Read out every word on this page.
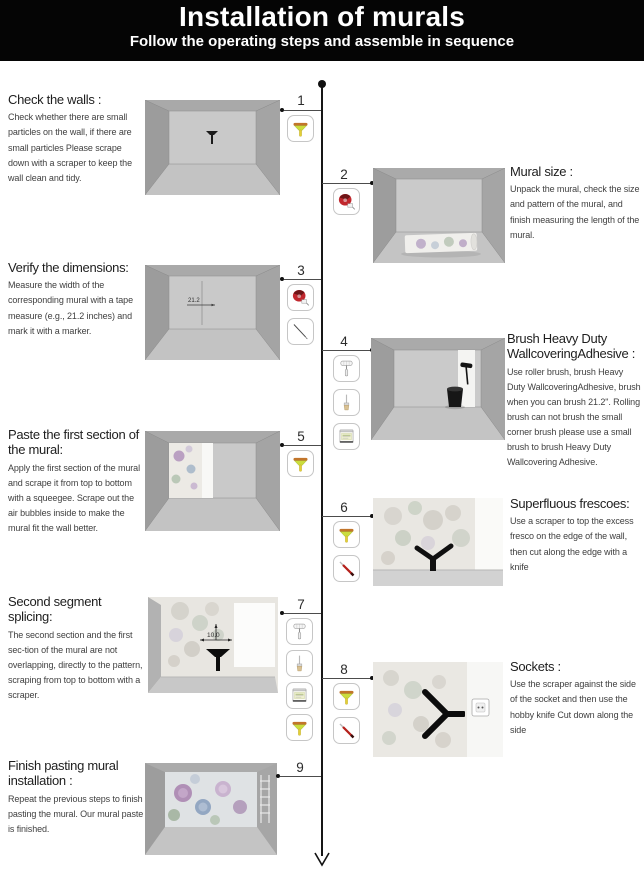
Installation of murals

Follow the operating steps and assemble in sequence

Check the walls :

Check whether there are small particles on the wall, if there are small particles Please scrape down with a scraper to keep the wall clean and tidy.

1
2	Mural size :

Unpack the mural, check the size and pattern of the mural, and finish measuring the length of the mural.

Verify the dimensions:

Measure the width of the corresponding mural with a tape measure (e.g., 21.2 inches) and mark it with a marker.

21.2
3
4	Brush Heavy Duty WallcoveringAdhesive :

Use roller brush, brush Heavy Duty WallcoveringAdhesive, brush when you can brush 21.2". Rolling brush can not brush the small corner brush please use a small brush to brush Heavy Duty Wallcovering Adhesive.

Paste the first section of the mural:

Apply the first section of the mural and scrape it from top to bottom with a squeegee. Scrape out the air bubbles inside to make the mural fit the wall better.

5
6	Superfluous frescoes:

Use a scraper to top the excess fresco on the edge of the wall, then cut along the edge with a knife

Second segment splicing:

The second section and the first sec-tion of the mural are not overlapping, directly to the pattern, scraping from top to bottom with a scraper.

10.0
7
8	Sockets :

Use the scraper against the side of the socket and then use the hobby knife Cut down along the side

Finish pasting mural installation :

Repeat the previous steps to finish pasting the mural. Our mural paste is finished.

9
